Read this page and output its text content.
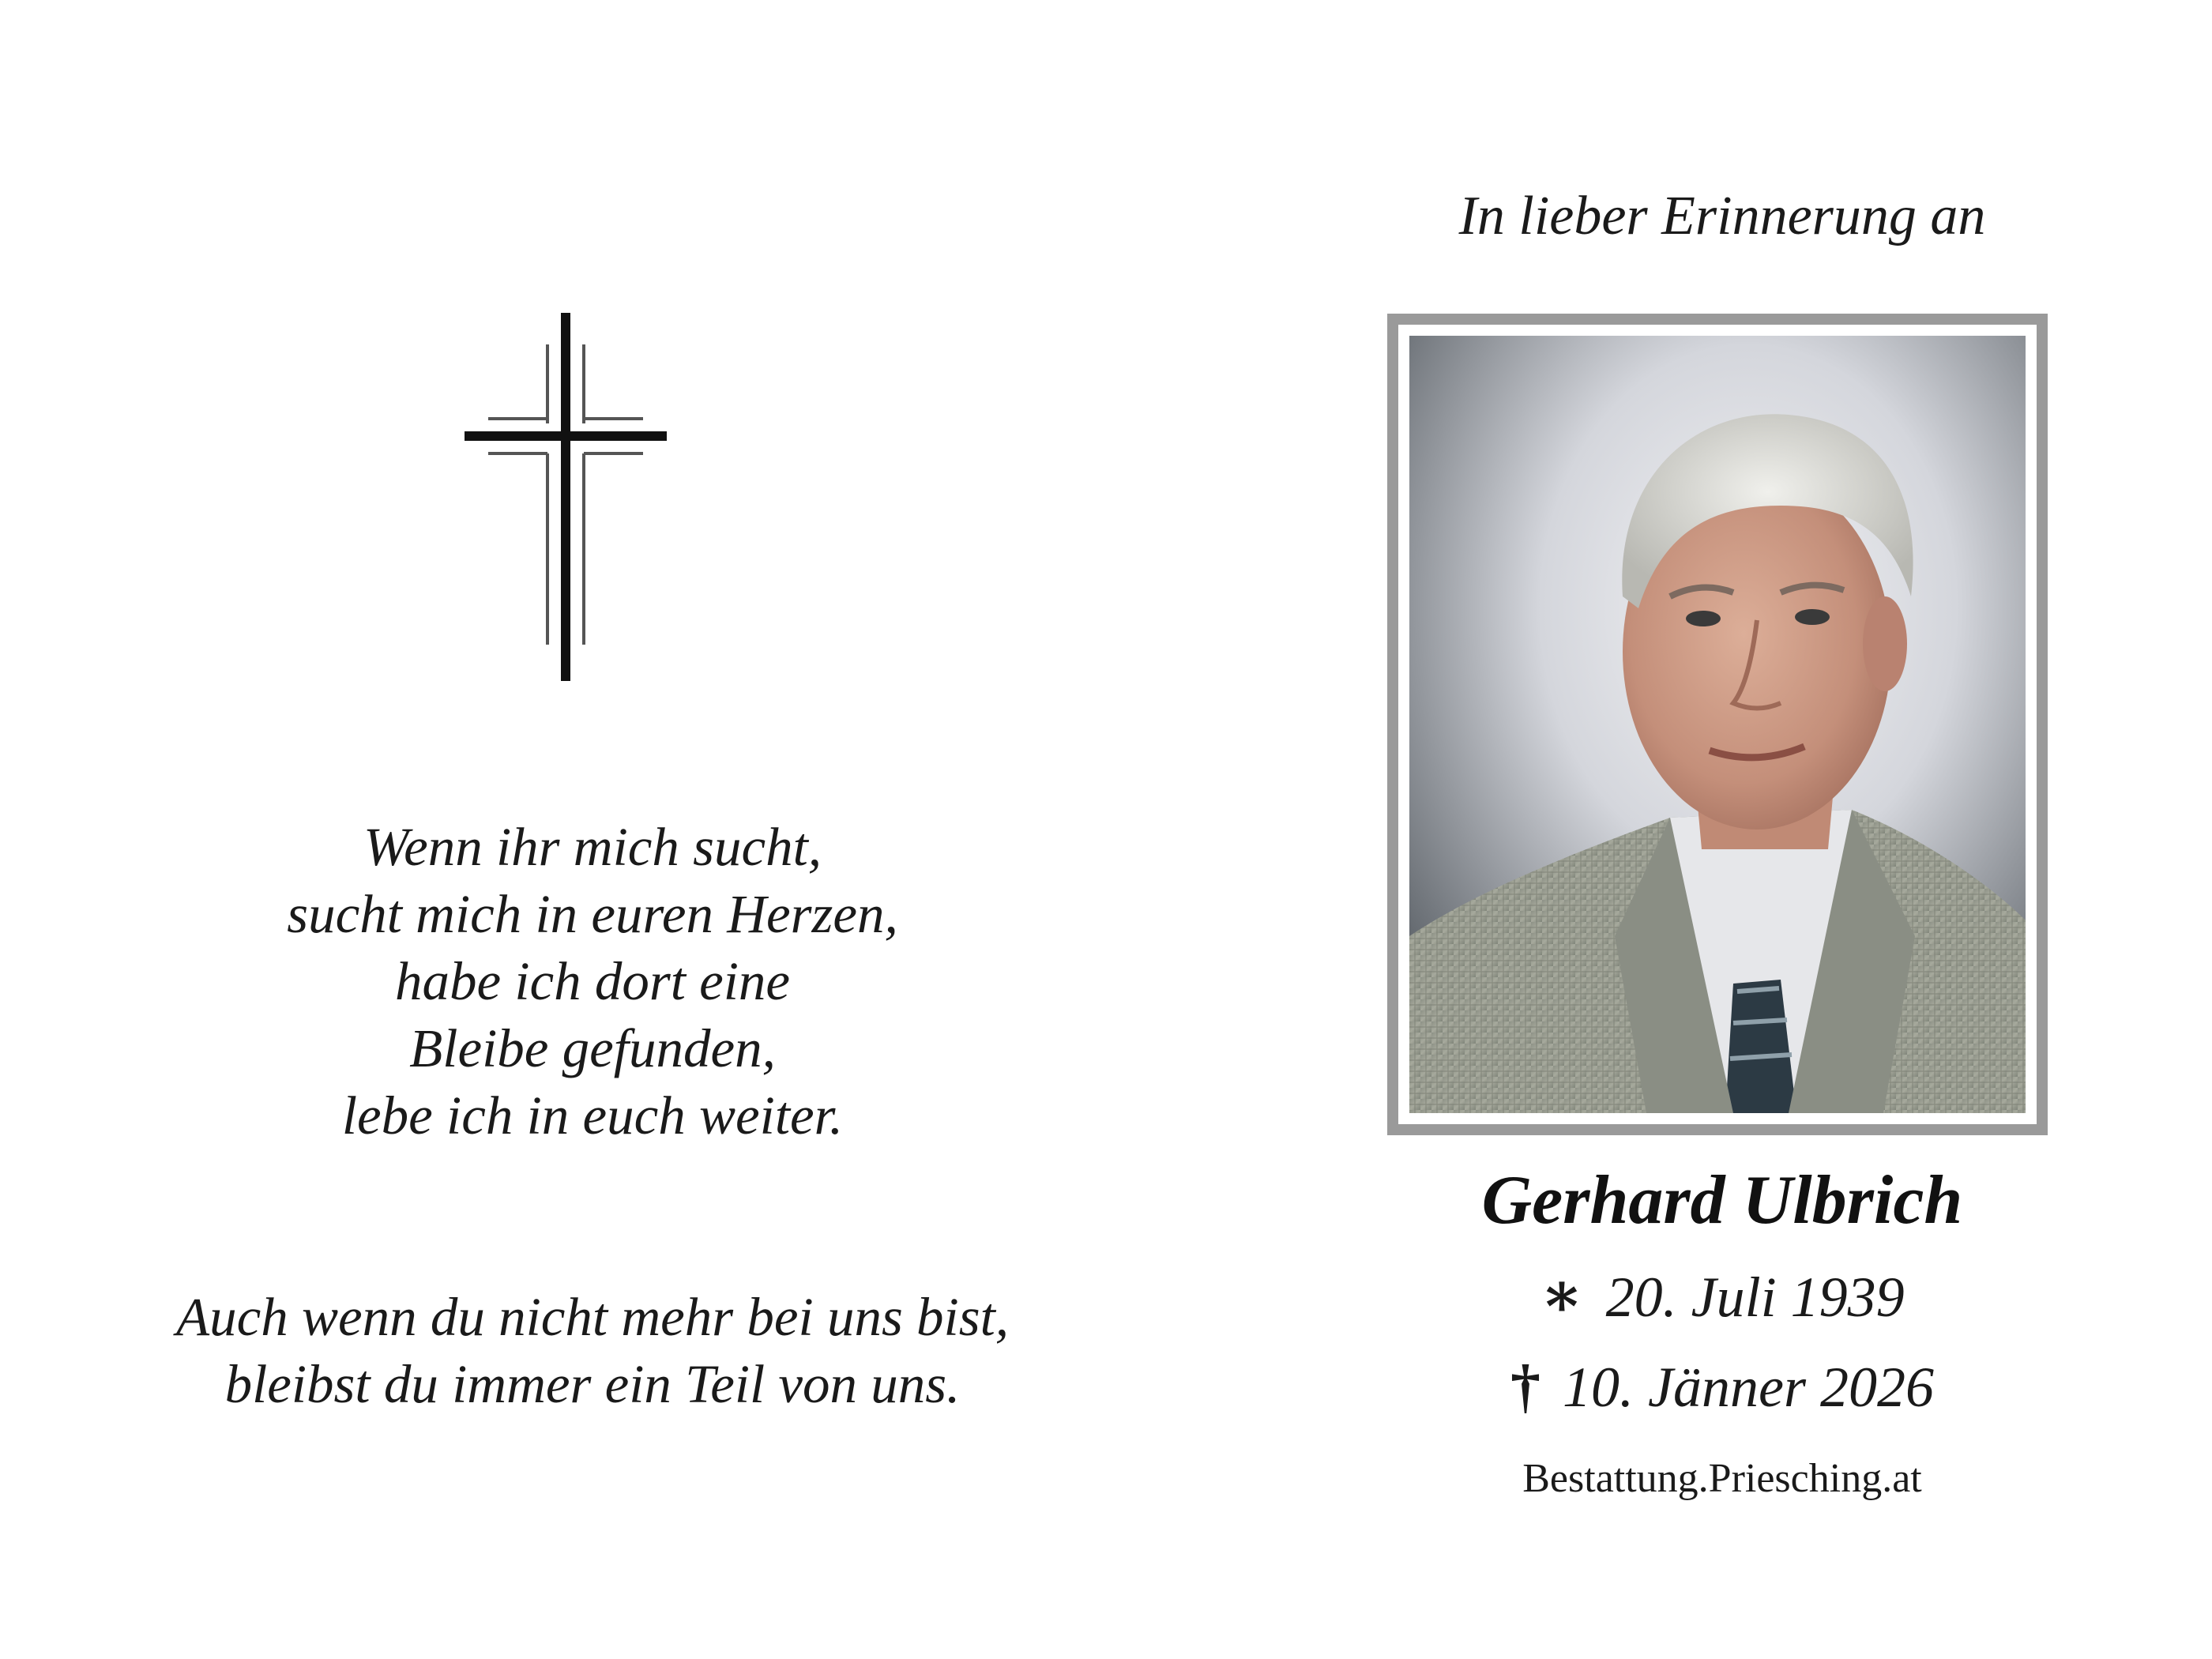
Wenn ihr mich sucht,
sucht mich in euren Herzen,
habe ich dort eine
Bleibe gefunden,
lebe ich in euch weiter.
Auch wenn du nicht mehr bei uns bist,
bleibst du immer ein Teil von uns.
In lieber Erinnerung an
Gerhard Ulbrich
∗ 20. Juli 1939
† 10. Jänner 2026
Bestattung.Priesching.at
